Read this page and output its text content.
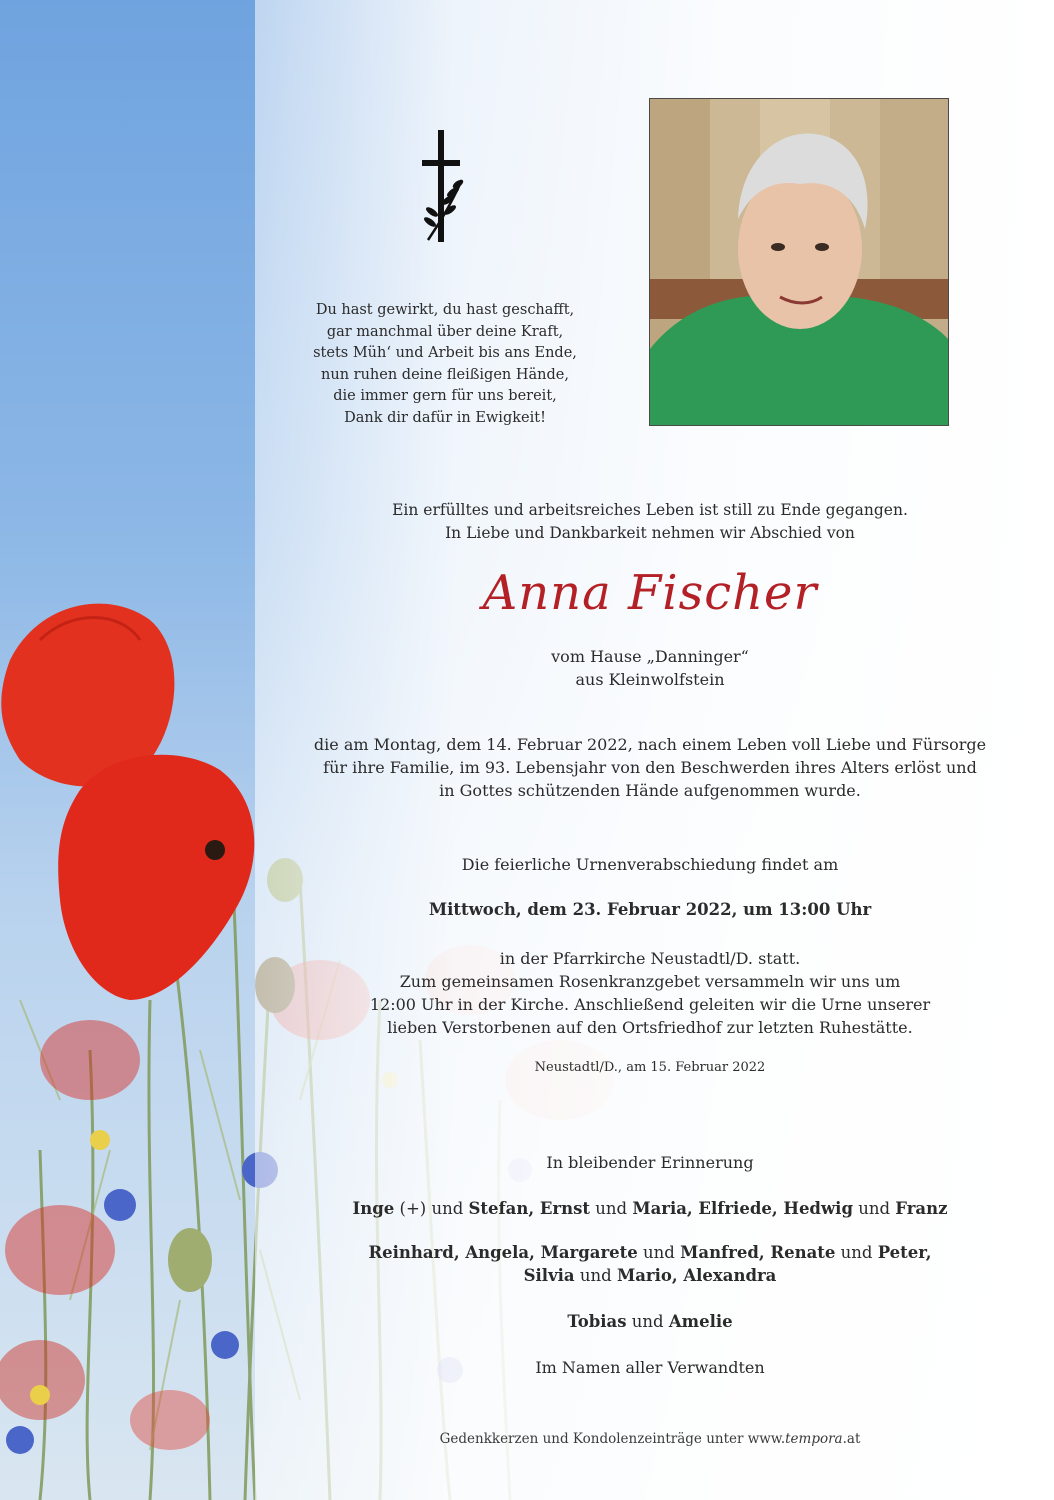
Du hast gewirkt, du hast geschafft,
gar manchmal über deine Kraft,
stets Müh‘ und Arbeit bis ans Ende,
nun ruhen deine fleißigen Hände,
die immer gern für uns bereit,
Dank dir dafür in Ewigkeit!
Ein erfülltes und arbeitsreiches Leben ist still zu Ende gegangen.
In Liebe und Dankbarkeit nehmen wir Abschied von
Anna Fischer
vom Hause „Danninger“
aus Kleinwolfstein
die am Montag, dem 14. Februar 2022, nach einem Leben voll Liebe und Fürsorge
für ihre Familie, im 93. Lebensjahr von den Beschwerden ihres Alters erlöst und
in Gottes schützenden Hände aufgenommen wurde.
Die feierliche Urnenverabschiedung findet am
Mittwoch, dem 23. Februar 2022, um 13:00 Uhr
in der Pfarrkirche Neustadtl/D. statt.
Zum gemeinsamen Rosenkranzgebet versammeln wir uns um
12:00 Uhr in der Kirche. Anschließend geleiten wir die Urne unserer
lieben Verstorbenen auf den Ortsfriedhof zur letzten Ruhestätte.
Neustadtl/D., am 15. Februar 2022
In bleibender Erinnerung
Inge (+) und Stefan, Ernst und Maria, Elfriede, Hedwig und Franz
Reinhard, Angela, Margarete und Manfred, Renate und Peter,
Silvia und Mario, Alexandra
Tobias und Amelie
Im Namen aller Verwandten
Gedenkkerzen und Kondolenzeinträge unter www.tempora.at
